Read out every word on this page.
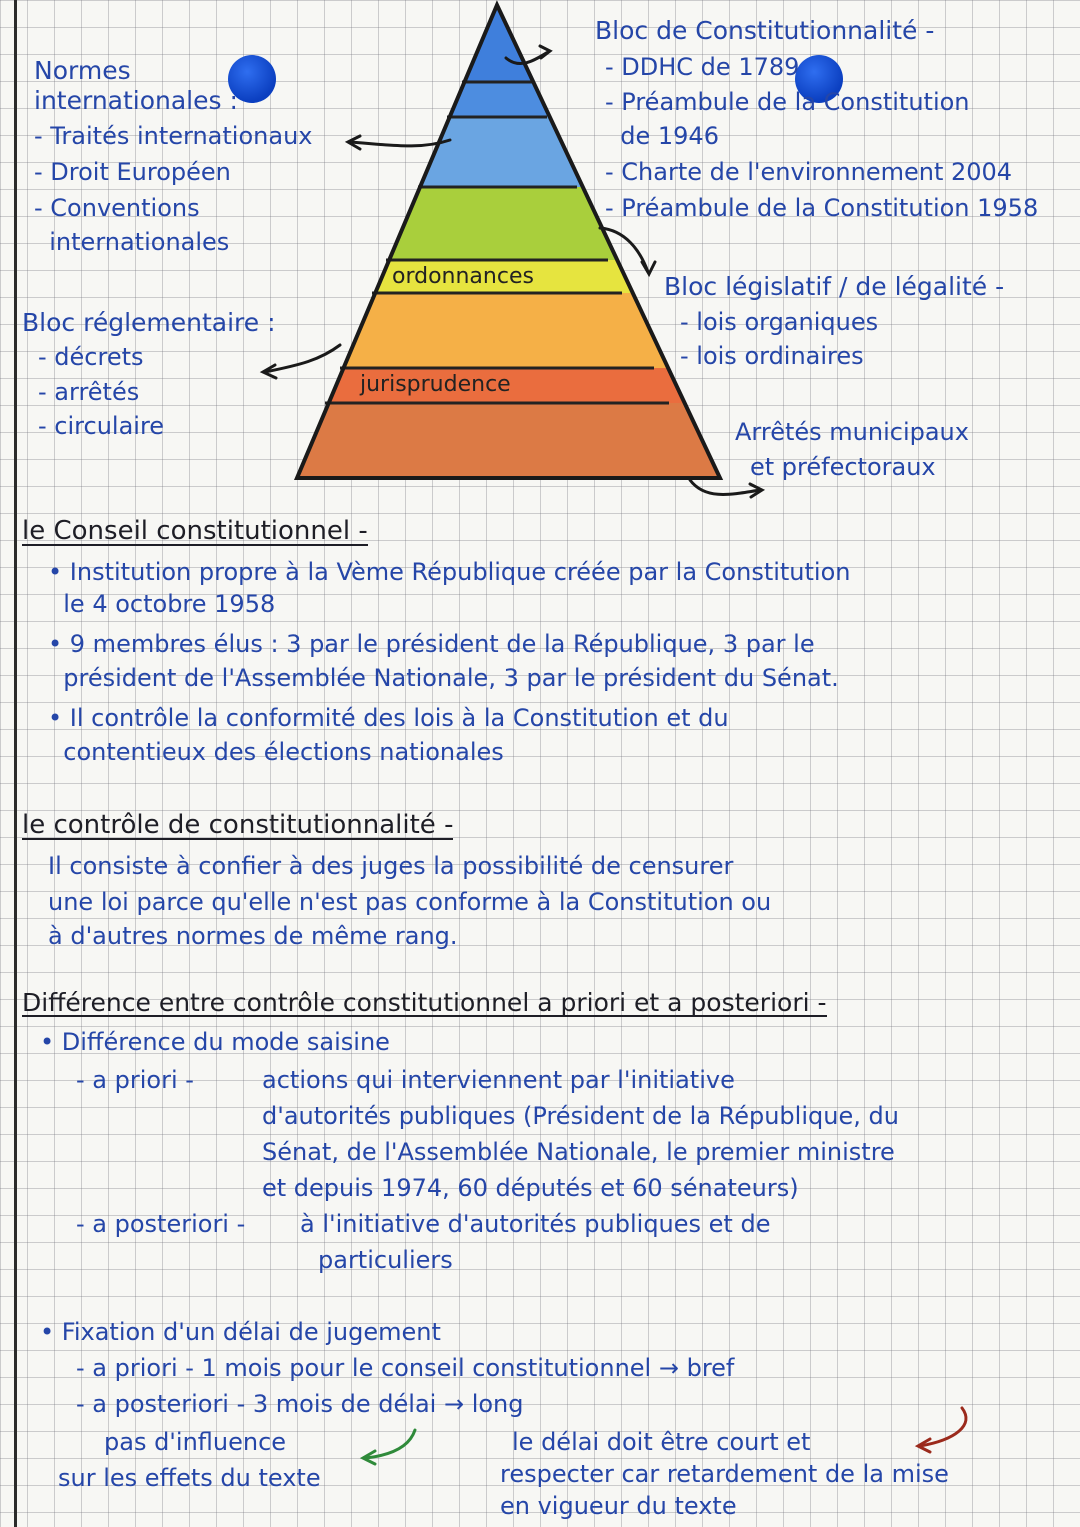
ordonnances
jurisprudence
Normes
internationales :
- Traités internationaux
- Droit Européen
- Conventions
internationales
Bloc réglementaire :
- décrets
- arrêtés
- circulaire
Bloc de Constitutionnalité -
- DDHC de 1789
- Préambule de la Constitution
de 1946
- Charte de l'environnement 2004
- Préambule de la Constitution 1958
Bloc législatif / de légalité -
- lois organiques
- lois ordinaires
Arrêtés municipaux
et préfectoraux
le Conseil constitutionnel -
• Institution propre à la Vème République créée par la Constitution
le 4 octobre 1958
• 9 membres élus : 3 par le président de la République, 3 par le
président de l'Assemblée Nationale, 3 par le président du Sénat.
• Il contrôle la conformité des lois à la Constitution et du
contentieux des élections nationales
le contrôle de constitutionnalité -
Il consiste à confier à des juges la possibilité de censurer
une loi parce qu'elle n'est pas conforme à la Constitution ou
à d'autres normes de même rang.
Différence entre contrôle constitutionnel a priori et a posteriori -
• Différence du mode saisine
- a priori -	actions qui interviennent par l'initiative
d'autorités publiques (Président de la République, du
Sénat, de l'Assemblée Nationale, le premier ministre
et depuis 1974, 60 députés et 60 sénateurs)
- a posteriori - à l'initiative d'autorités publiques et de
particuliers
• Fixation d'un délai de jugement
- a priori - 1 mois pour le conseil constitutionnel → bref
- a posteriori - 3 mois de délai → long
pas d'influence
sur les effets du texte
le délai doit être court et
respecter car retardement de la mise
en vigueur du texte
